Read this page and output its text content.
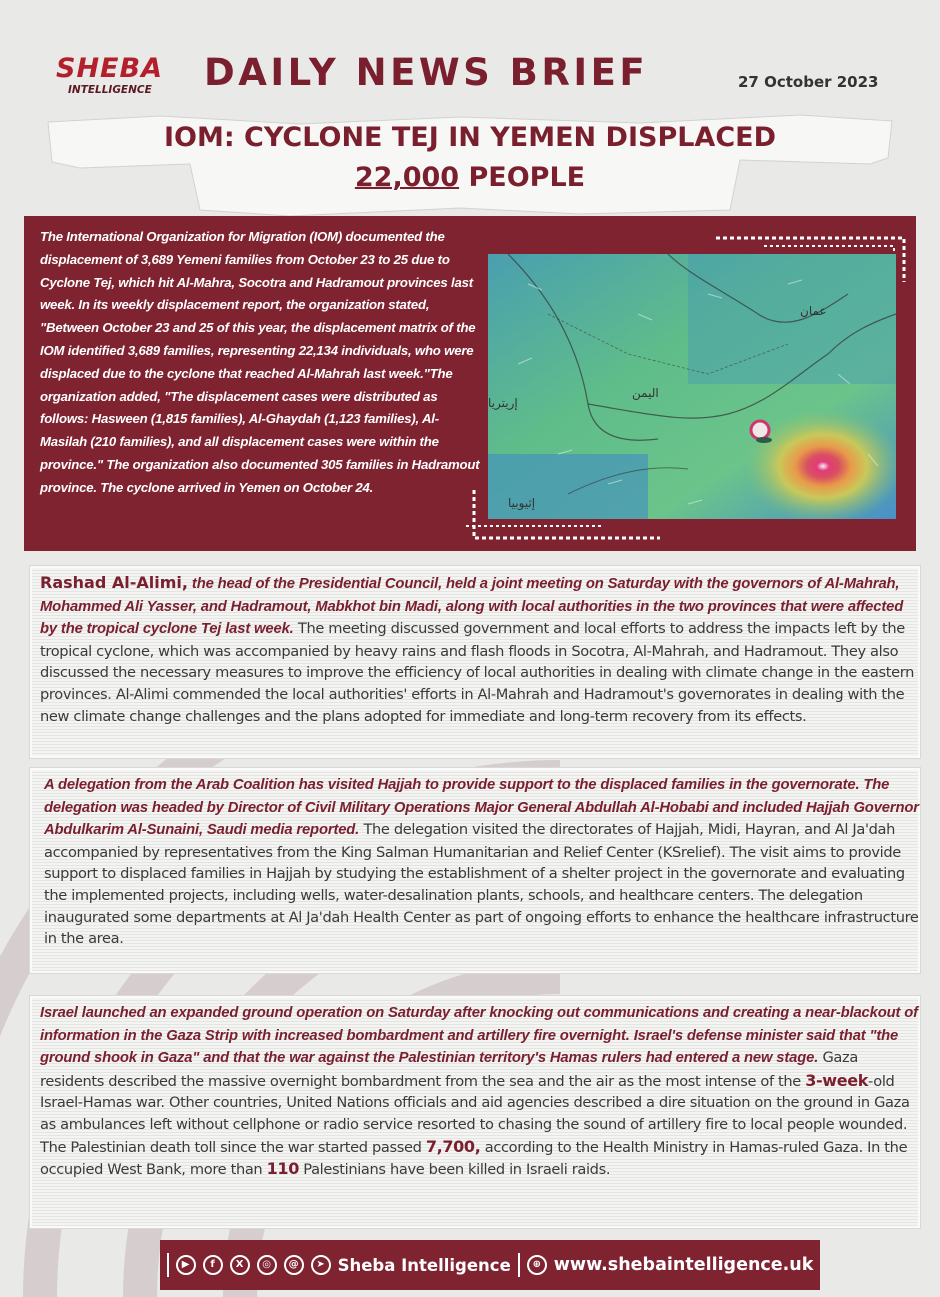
SHEBA
INTELLIGENCE DAILY NEWS BRIEF	27 October 2023
IOM: CYCLONE TEJ IN YEMEN DISPLACED
22,000 PEOPLE
The International Organization for Migration (IOM) documented the displacement of 3,689 Yemeni families from October 23 to 25 due to Cyclone Tej, which hit Al-Mahra, Socotra and Hadramout provinces last week. In its weekly displacement report, the organization stated, "Between October 23 and 25 of this year, the displacement matrix of the IOM identified 3,689 families, representing 22,134 individuals, who were displaced due to the cyclone that reached Al-Mahrah last week."The organization added, "The displacement cases were distributed as follows: Hasween (1,815 families), Al-Ghaydah (1,123 families), Al-Masilah (210 families), and all displacement cases were within the province." The organization also documented 305 families in Hadramout province. The cyclone arrived in Yemen on October 24.
عمان
اليمن
إريتريا
إثيوبيا
Rashad Al-Alimi, the head of the Presidential Council, held a joint meeting on Saturday with the governors of Al-Mahrah, Mohammed Ali Yasser, and Hadramout, Mabkhot bin Madi, along with local authorities in the two provinces that were affected by the tropical cyclone Tej last week. The meeting discussed government and local efforts to address the impacts left by the tropical cyclone, which was accompanied by heavy rains and flash floods in Socotra, Al-Mahrah, and Hadramout. They also discussed the necessary measures to improve the efficiency of local authorities in dealing with climate change in the eastern provinces. Al-Alimi commended the local authorities' efforts in Al-Mahrah and Hadramout's governorates in dealing with the new climate change challenges and the plans adopted for immediate and long-term recovery from its effects.
A delegation from the Arab Coalition has visited Hajjah to provide support to the displaced families in the governorate. The delegation was headed by Director of Civil Military Operations Major General Abdullah Al-Hobabi and included Hajjah Governor Abdulkarim Al-Sunaini, Saudi media reported. The delegation visited the directorates of Hajjah, Midi, Hayran, and Al Ja'dah accompanied by representatives from the King Salman Humanitarian and Relief Center (KSrelief). The visit aims to provide support to displaced families in Hajjah by studying the establishment of a shelter project in the governorate and evaluating the implemented projects, including wells, water-desalination plants, schools, and healthcare centers. The delegation inaugurated some departments at Al Ja'dah Health Center as part of ongoing efforts to enhance the healthcare infrastructure in the area.
Israel launched an expanded ground operation on Saturday after knocking out communications and creating a near-blackout of information in the Gaza Strip with increased bombardment and artillery fire overnight. Israel's defense minister said that "the ground shook in Gaza" and that the war against the Palestinian territory's Hamas rulers had entered a new stage. Gaza residents described the massive overnight bombardment from the sea and the air as the most intense of the 3-week-old Israel-Hamas war. Other countries, United Nations officials and aid agencies described a dire situation on the ground in Gaza as ambulances left without cellphone or radio service resorted to chasing the sound of artillery fire to local people wounded. The Palestinian death toll since the war started passed 7,700, according to the Health Ministry in Hamas-ruled Gaza. In the occupied West Bank, more than 110 Palestinians have been killed in Israeli raids.
▶	f	X	◎	@	➤ Sheba Intelligence	⊕ www.shebaintelligence.uk
